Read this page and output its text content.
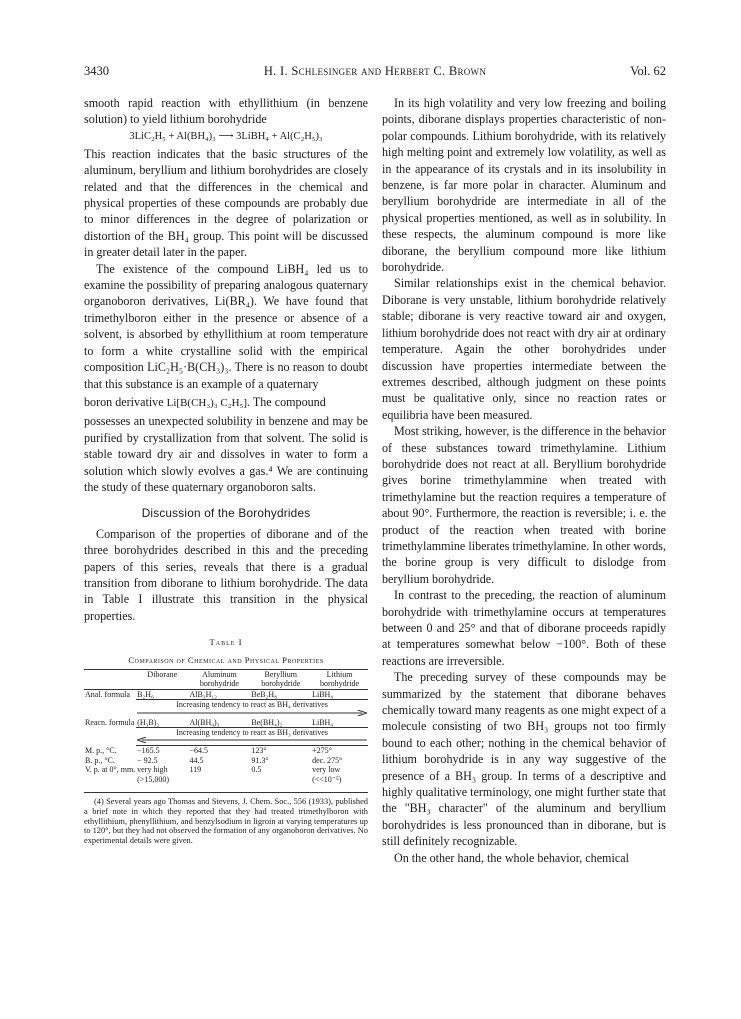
3430	H. I. Schlesinger and Herbert C. Brown	Vol. 62

smooth rapid reaction with ethyllithium (in benzene solution) to yield lithium borohydride

3LiC₂H₅ + Al(BH₄)₃ ⟶ 3LiBH₄ + Al(C₂H₅)₃

This reaction indicates that the basic structures of the aluminum, beryllium and lithium borohydrides are closely related and that the differences in the chemical and physical properties of these compounds are probably due to minor differences in the degree of polarization or distortion of the BH₄ group. This point will be discussed in greater detail later in the paper.

The existence of the compound LiBH₄ led us to examine the possibility of preparing analogous quaternary organoboron derivatives, Li(BR₄). We have found that trimethylboron either in the presence or absence of a solvent, is absorbed by ethyllithium at room temperature to form a white crystalline solid with the empirical composition LiC₂H₅·B(CH₃)₃. There is no reason to doubt that this substance is an example of a quaternary

boron derivative Li[B(CH₃)₃ C₂H₅]. The compound

possesses an unexpected solubility in benzene and may be purified by crystallization from that solvent. The solid is stable toward dry air and dissolves in water to form a solution which slowly evolves a gas.⁴ We are continuing the study of these quaternary organoboron salts.

Discussion of the Borohydrides

Comparison of the properties of diborane and of the three borohydrides described in this and the preceding papers of this series, reveals that there is a gradual transition from diborane to lithium borohydride. The data in Table I illustrate this transition in the physical properties.

Table I
Comparison of Chemical and Physical Properties
	Diborane	Aluminum borohydride	Beryllium borohydride	Lithium borohydride
Anal. formula	B₂H₆	AlB₃H₁₂	BeB₂H₈	LiBH₄
	Increasing tendency to react as BH₄ derivatives			

Reacn. formula	(H₃B)₂	Al(BH₄)₃	Be(BH₄)₂	LiBH₄
	Increasing tendency to react as BH₃ derivatives			

M. p., °C.	−165.5	−64.5	123°	+275°
B. p., °C.	− 92.5	44.5	91.3°	dec. 275°
V. p. at 0°, mm.	very high (>15,000)	119	0.5	very low (<<10⁻⁵)
(4) Several years ago Thomas and Stevens, J. Chem. Soc., 556 (1933), published a brief note in which they reported that they had treated trimethylboron with ethyllithium, phenyllithium, and benzylsodium in ligroin at varying temperatures up to 120°, but they had not observed the formation of any organoboron derivatives. No experimental details were given.

In its high volatility and very low freezing and boiling points, diborane displays properties characteristic of non-polar compounds. Lithium borohydride, with its relatively high melting point and extremely low volatility, as well as in the appearance of its crystals and in its insolubility in benzene, is far more polar in character. Aluminum and beryllium borohydride are intermediate in all of the physical properties mentioned, as well as in solubility. In these respects, the aluminum compound is more like diborane, the beryllium compound more like lithium borohydride.

Similar relationships exist in the chemical behavior. Diborane is very unstable, lithium borohydride relatively stable; diborane is very reactive toward air and oxygen, lithium borohydride does not react with dry air at ordinary temperature. Again the other borohydrides under discussion have properties intermediate between the extremes described, although judgment on these points must be qualitative only, since no reaction rates or equilibria have been measured.

Most striking, however, is the difference in the behavior of these substances toward trimethylamine. Lithium borohydride does not react at all. Beryllium borohydride gives borine trimethylammine when treated with trimethylamine but the reaction requires a temperature of about 90°. Furthermore, the reaction is reversible; i. e. the product of the reaction when treated with borine trimethylammine liberates trimethylamine. In other words, the borine group is very difficult to dislodge from beryllium borohydride.

In contrast to the preceding, the reaction of aluminum borohydride with trimethylamine occurs at temperatures between 0 and 25° and that of diborane proceeds rapidly at temperatures somewhat below −100°. Both of these reactions are irreversible.

The preceding survey of these compounds may be summarized by the statement that diborane behaves chemically toward many reagents as one might expect of a molecule consisting of two BH₃ groups not too firmly bound to each other; nothing in the chemical behavior of lithium borohydride is in any way suggestive of the presence of a BH₃ group. In terms of a descriptive and highly qualitative terminology, one might further state that the "BH₃ character" of the aluminum and beryllium borohydrides is less pronounced than in diborane, but is still definitely recognizable.

On the other hand, the whole behavior, chemical
